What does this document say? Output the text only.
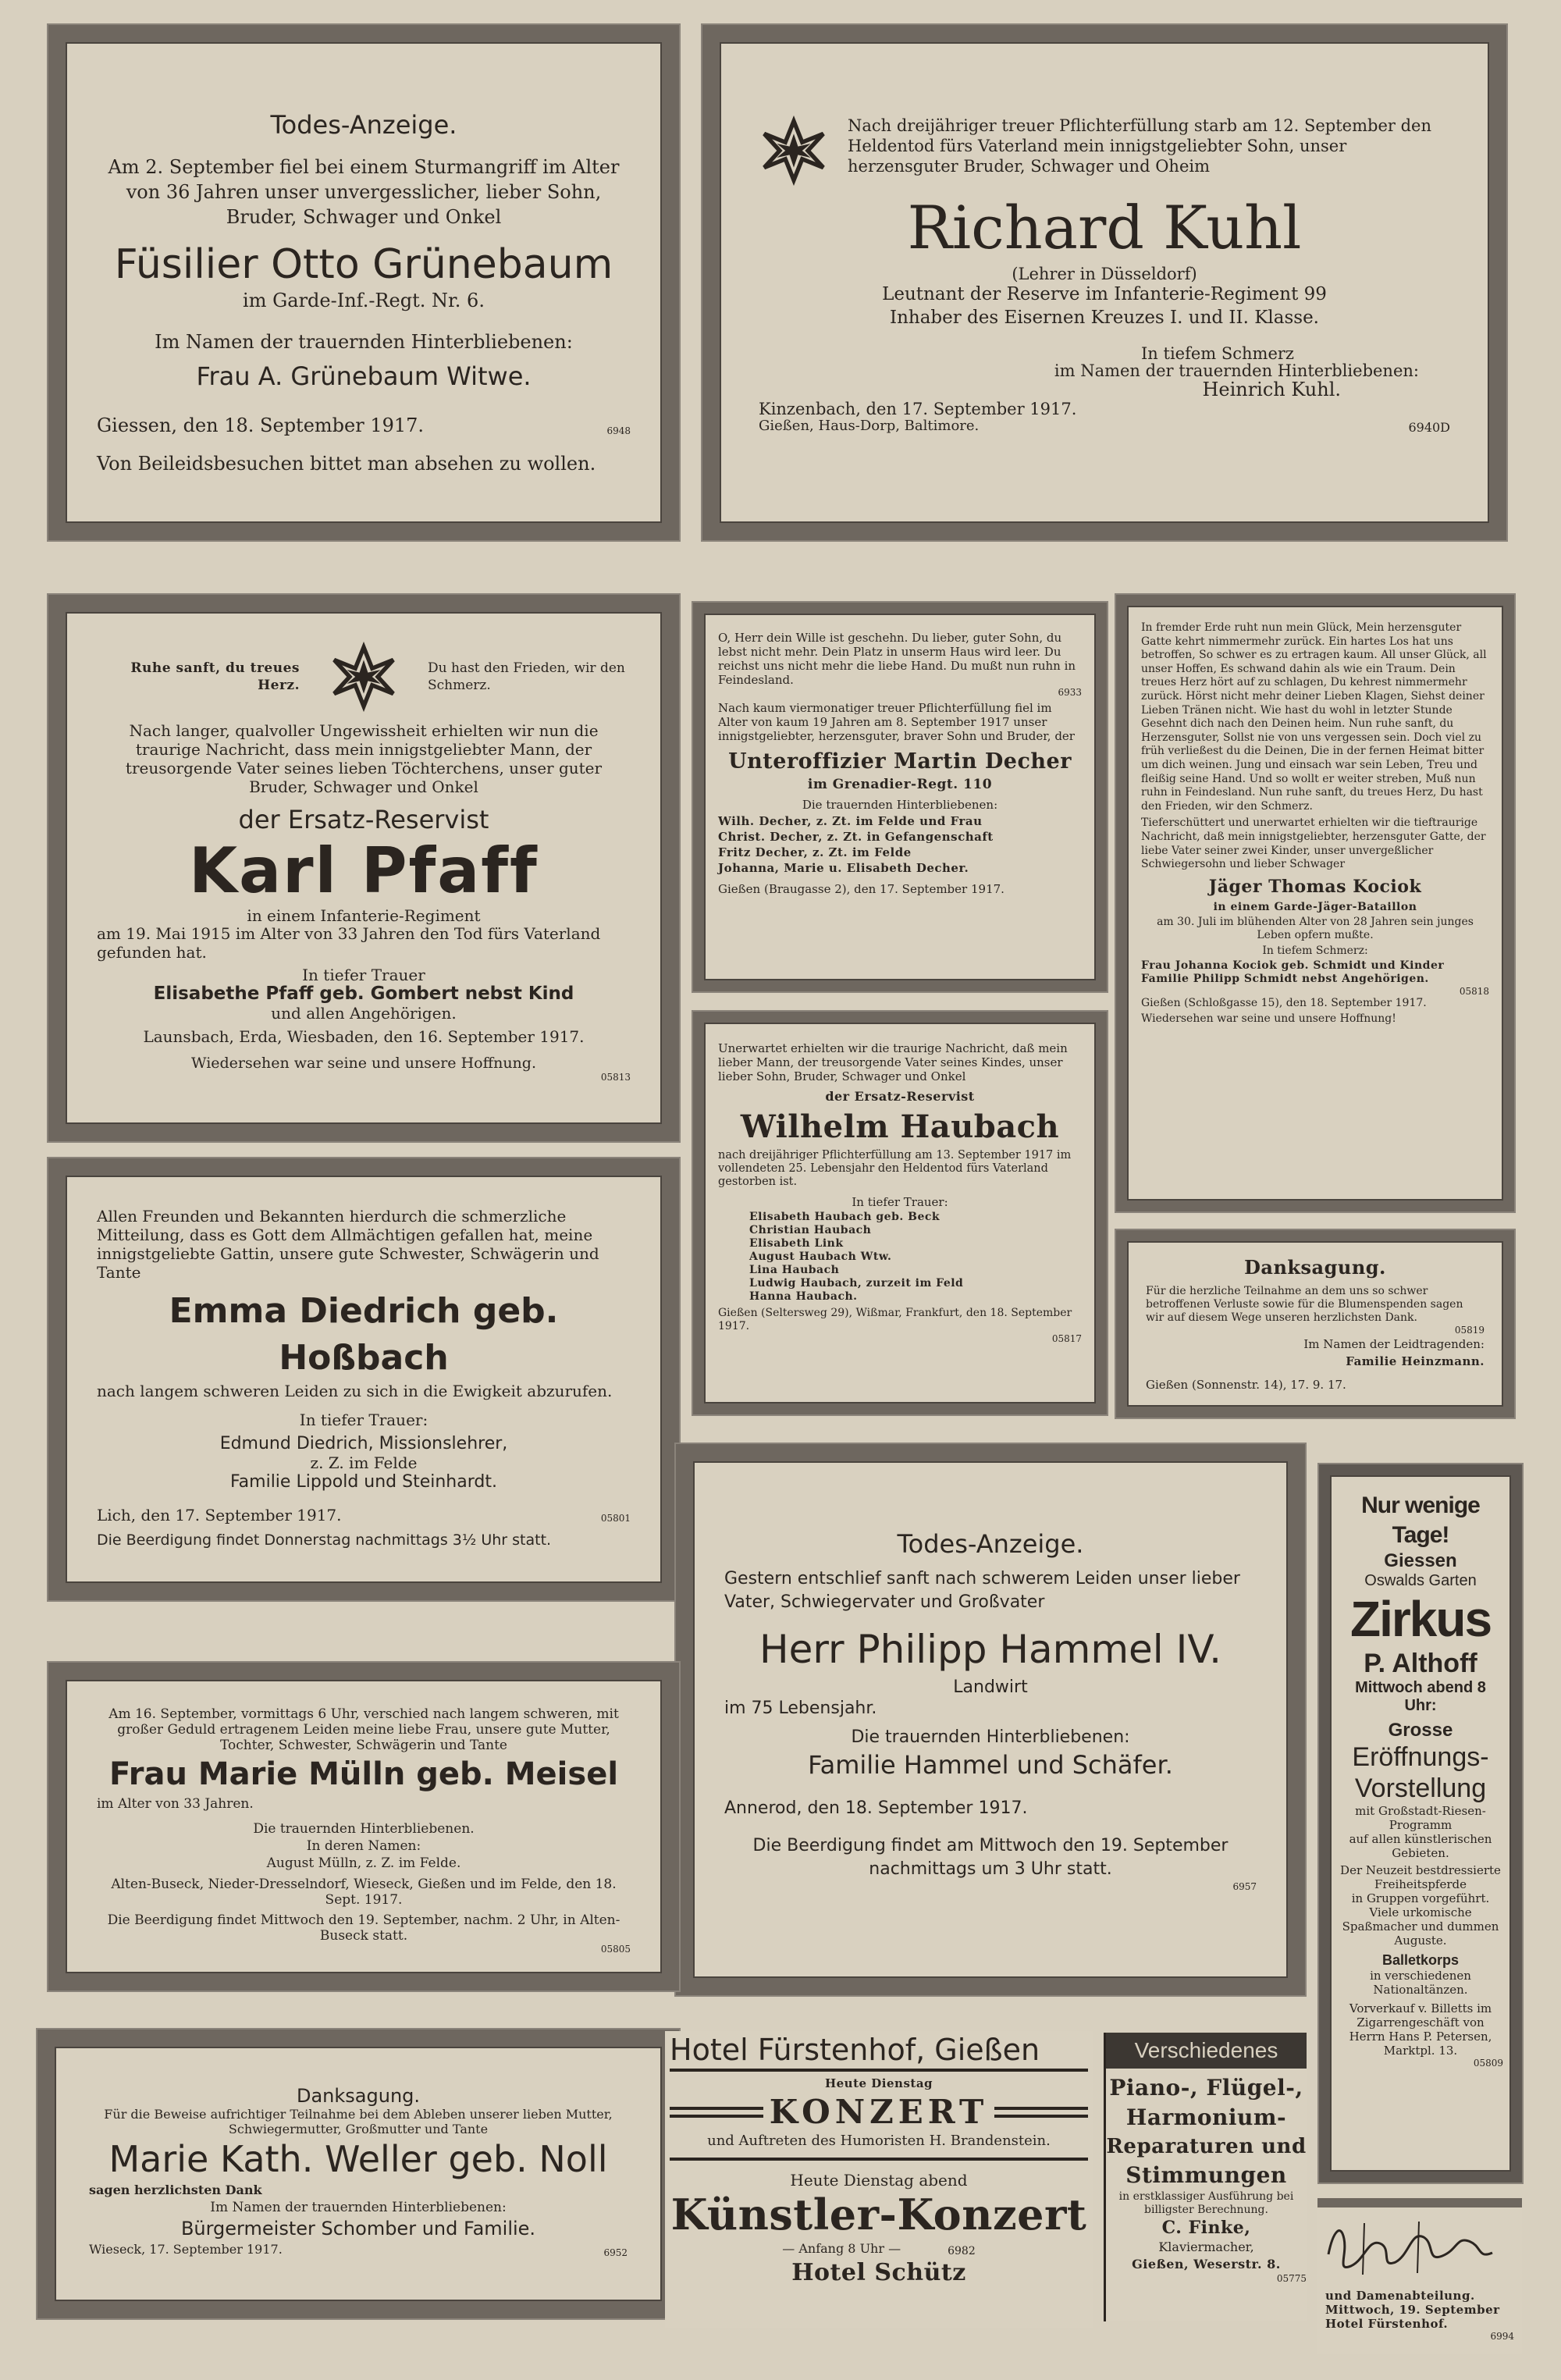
Todes-Anzeige.

Am 2. September fiel bei einem Sturmangriff im Alter von 36 Jahren unser unvergesslicher, lieber Sohn, Bruder, Schwager und Onkel

Füsilier Otto Grünebaum

im Garde-Inf.-Regt. Nr. 6.

Im Namen der trauernden Hinterbliebenen:

Frau A. Grünebaum Witwe.

Giessen, den 18. September 1917.	6948

Von Beileidsbesuchen bittet man absehen zu wollen.

Nach dreijähriger treuer Pflichterfüllung starb am 12. September den Heldentod fürs Vaterland mein innigstgeliebter Sohn, unser herzensguter Bruder, Schwager und Oheim

Richard Kuhl

(Lehrer in Düsseldorf)

Leutnant der Reserve im Infanterie-Regiment 99

Inhaber des Eisernen Kreuzes I. und II. Klasse.

In tiefem Schmerz

im Namen der trauernden Hinterbliebenen:

Heinrich Kuhl.

Kinzenbach, den 17. September 1917.

Gießen, Haus-Dorp, Baltimore.	6940D

Ruhe sanft, du treues Herz.

Du hast den Frieden, wir den Schmerz.

Nach langer, qualvoller Ungewissheit erhielten wir nun die traurige Nachricht, dass mein innigstgeliebter Mann, der treusorgende Vater seines lieben Töchterchens, unser guter Bruder, Schwager und Onkel

der Ersatz-Reservist

Karl Pfaff

in einem Infanterie-Regiment

am 19. Mai 1915 im Alter von 33 Jahren den Tod fürs Vaterland gefunden hat.

In tiefer Trauer

Elisabethe Pfaff geb. Gombert nebst Kind

und allen Angehörigen.

Launsbach, Erda, Wiesbaden, den 16. September 1917.

Wiedersehen war seine und unsere Hoffnung.

05813

O, Herr dein Wille ist geschehn. Du lieber, guter Sohn, du lebst nicht mehr. Dein Platz in unserm Haus wird leer. Du reichst uns nicht mehr die liebe Hand. Du mußt nun ruhn in Feindesland.

6933

Nach kaum viermonatiger treuer Pflichterfüllung fiel im Alter von kaum 19 Jahren am 8. September 1917 unser innigstgeliebter, herzensguter, braver Sohn und Bruder, der

Unteroffizier Martin Decher

im Grenadier-Regt. 110

Die trauernden Hinterbliebenen:

Wilh. Decher, z. Zt. im Felde und Frau

Christ. Decher, z. Zt. in Gefangenschaft

Fritz Decher, z. Zt. im Felde

Johanna, Marie u. Elisabeth Decher.

Gießen (Braugasse 2), den 17. September 1917.

In fremder Erde ruht nun mein Glück, Mein herzensguter Gatte kehrt nimmermehr zurück. Ein hartes Los hat uns betroffen, So schwer es zu ertragen kaum. All unser Glück, all unser Hoffen, Es schwand dahin als wie ein Traum. Dein treues Herz hört auf zu schlagen, Du kehrest nimmermehr zurück. Hörst nicht mehr deiner Lieben Klagen, Siehst deiner Lieben Tränen nicht. Wie hast du wohl in letzter Stunde Gesehnt dich nach den Deinen heim. Nun ruhe sanft, du Herzensguter, Sollst nie von uns vergessen sein. Doch viel zu früh verließest du die Deinen, Die in der fernen Heimat bitter um dich weinen. Jung und einsach war sein Leben, Treu und fleißig seine Hand. Und so wollt er weiter streben, Muß nun ruhn in Feindesland. Nun ruhe sanft, du treues Herz, Du hast den Frieden, wir den Schmerz.

Tieferschüttert und unerwartet erhielten wir die tieftraurige Nachricht, daß mein innigstgeliebter, herzensguter Gatte, der liebe Vater seiner zwei Kinder, unser unvergeßlicher Schwiegersohn und lieber Schwager

Jäger Thomas Kociok

in einem Garde-Jäger-Bataillon

am 30. Juli im blühenden Alter von 28 Jahren sein junges Leben opfern mußte.

In tiefem Schmerz:

Frau Johanna Kociok geb. Schmidt und Kinder

Familie Philipp Schmidt nebst Angehörigen.

05818

Gießen (Schloßgasse 15), den 18. September 1917.

Wiedersehen war seine und unsere Hoffnung!

Allen Freunden und Bekannten hierdurch die schmerzliche Mitteilung, dass es Gott dem Allmächtigen gefallen hat, meine innigstgeliebte Gattin, unsere gute Schwester, Schwägerin und Tante

Emma Diedrich geb. Hoßbach

nach langem schweren Leiden zu sich in die Ewigkeit abzurufen.

In tiefer Trauer:

Edmund Diedrich, Missionslehrer,

z. Z. im Felde

Familie Lippold und Steinhardt.

Lich, den 17. September 1917.	05801

Die Beerdigung findet Donnerstag nachmittags 3½ Uhr statt.

Unerwartet erhielten wir die traurige Nachricht, daß mein lieber Mann, der treusorgende Vater seines Kindes, unser lieber Sohn, Bruder, Schwager und Onkel

der Ersatz-Reservist

Wilhelm Haubach

nach dreijähriger Pflichterfüllung am 13. September 1917 im vollendeten 25. Lebensjahr den Heldentod fürs Vaterland gestorben ist.

In tiefer Trauer:

Elisabeth Haubach geb. Beck

Christian Haubach

Elisabeth Link

August Haubach Wtw.

Lina Haubach

Ludwig Haubach, zurzeit im Feld

Hanna Haubach.

Gießen (Seltersweg 29), Wißmar, Frankfurt, den 18. September 1917.

05817

Danksagung.

Für die herzliche Teilnahme an dem uns so schwer betroffenen Verluste sowie für die Blumenspenden sagen wir auf diesem Wege unseren herzlichsten Dank.

05819

Im Namen der Leidtragenden:

Familie Heinzmann.

Gießen (Sonnenstr. 14), 17. 9. 17.

Todes-Anzeige.

Gestern entschlief sanft nach schwerem Leiden unser lieber Vater, Schwiegervater und Großvater

Herr Philipp Hammel IV.

Landwirt

im 75 Lebensjahr.

Die trauernden Hinterbliebenen:

Familie Hammel und Schäfer.

Annerod, den 18. September 1917.

Die Beerdigung findet am Mittwoch den 19. September nachmittags um 3 Uhr statt.

6957

Nur wenige Tage!

Giessen

Oswalds Garten

Zirkus

P. Althoff

Mittwoch abend 8 Uhr:

Grosse

Eröffnungs-

Vorstellung

mit Großstadt-Riesen-Programm

auf allen künstlerischen Gebieten.

Der Neuzeit bestdressierte Freiheitspferde

in Gruppen vorgeführt.

Viele urkomische Spaßmacher und dummen Auguste.

Balletkorps

in verschiedenen Nationaltänzen.

Vorverkauf v. Billetts im Zigarrengeschäft von Herrn Hans P. Petersen, Marktpl. 13.

05809

Am 16. September, vormittags 6 Uhr, verschied nach langem schweren, mit großer Geduld ertragenem Leiden meine liebe Frau, unsere gute Mutter, Tochter, Schwester, Schwägerin und Tante

Frau Marie Mülln geb. Meisel

im Alter von 33 Jahren.

Die trauernden Hinterbliebenen.

In deren Namen:

August Mülln, z. Z. im Felde.

Alten-Buseck, Nieder-Dresselndorf, Wieseck, Gießen und im Felde, den 18. Sept. 1917.

Die Beerdigung findet Mittwoch den 19. September, nachm. 2 Uhr, in Alten-Buseck statt.

05805

Danksagung.

Für die Beweise aufrichtiger Teilnahme bei dem Ableben unserer lieben Mutter, Schwiegermutter, Großmutter und Tante

Marie Kath. Weller geb. Noll

sagen herzlichsten Dank

Im Namen der trauernden Hinterbliebenen:

Bürgermeister Schomber und Familie.

Wieseck, 17. September 1917.	6952

Hotel Fürstenhof, Gießen

Heute Dienstag

KONZERT

und Auftreten des Humoristen H. Brandenstein.

Heute Dienstag abend

Künstler-Konzert

— Anfang 8 Uhr —	6982

Hotel Schütz

Verschiedenes

Piano-, Flügel-,

Harmonium-

Reparaturen und

Stimmungen

in erstklassiger Ausführung bei billigster Berechnung.

C. Finke,

Klaviermacher,

Gießen, Weserstr. 8.

05775

und Damenabteilung. Mittwoch, 19. September Hotel Fürstenhof.

6994
